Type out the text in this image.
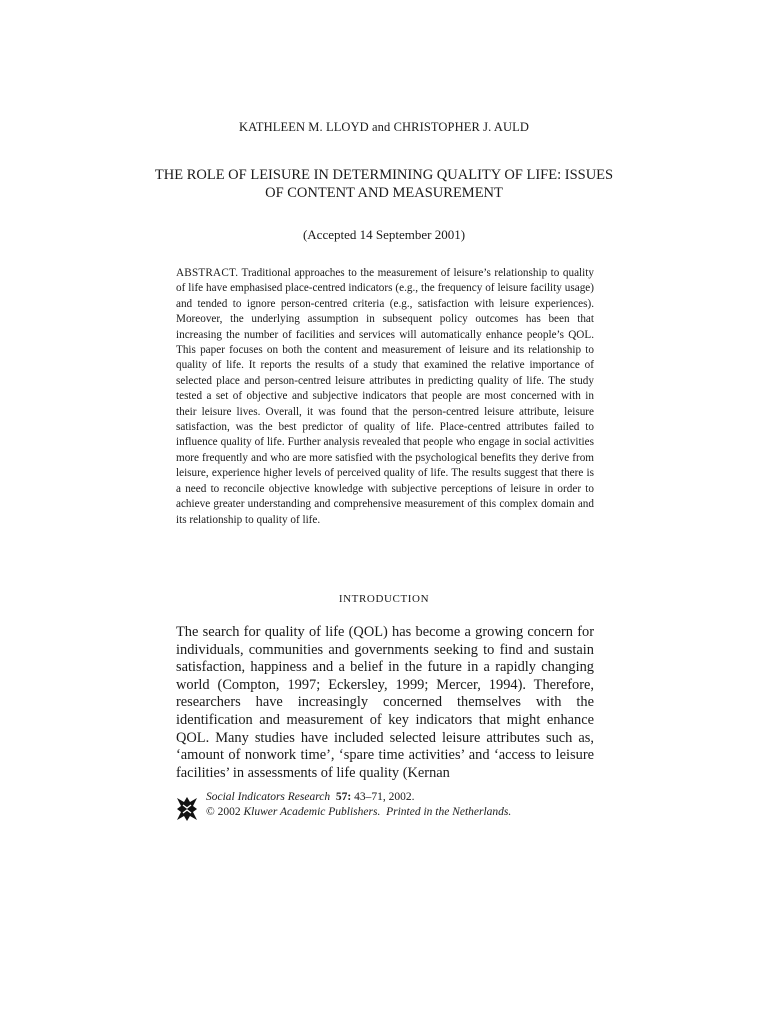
KATHLEEN M. LLOYD and CHRISTOPHER J. AULD
THE ROLE OF LEISURE IN DETERMINING QUALITY OF LIFE: ISSUES OF CONTENT AND MEASUREMENT
(Accepted 14 September 2001)
ABSTRACT. Traditional approaches to the measurement of leisure’s relationship to quality of life have emphasised place-centred indicators (e.g., the frequency of leisure facility usage) and tended to ignore person-centred criteria (e.g., satisfaction with leisure experiences). Moreover, the underlying assumption in subsequent policy outcomes has been that increasing the number of facilities and services will automatically enhance people’s QOL. This paper focuses on both the content and measurement of leisure and its relationship to quality of life. It reports the results of a study that examined the relative importance of selected place and person-centred leisure attributes in predicting quality of life. The study tested a set of objective and subjective indicators that people are most concerned with in their leisure lives. Overall, it was found that the person-centred leisure attribute, leisure satisfaction, was the best predictor of quality of life. Place-centred attributes failed to influence quality of life. Further analysis revealed that people who engage in social activities more frequently and who are more satisfied with the psychological benefits they derive from leisure, experience higher levels of perceived quality of life. The results suggest that there is a need to reconcile objective knowledge with subjective perceptions of leisure in order to achieve greater understanding and comprehensive measurement of this complex domain and its relationship to quality of life.
INTRODUCTION
The search for quality of life (QOL) has become a growing concern for individuals, communities and governments seeking to find and sustain satisfaction, happiness and a belief in the future in a rapidly changing world (Compton, 1997; Eckersley, 1999; Mercer, 1994). Therefore, researchers have increasingly concerned themselves with the identification and measurement of key indicators that might enhance QOL. Many studies have included selected leisure attributes such as, ‘amount of nonwork time’, ‘spare time activities’ and ‘access to leisure facilities’ in assessments of life quality (Kernan
Social Indicators Research 57: 43–71, 2002.
© 2002 Kluwer Academic Publishers. Printed in the Netherlands.
